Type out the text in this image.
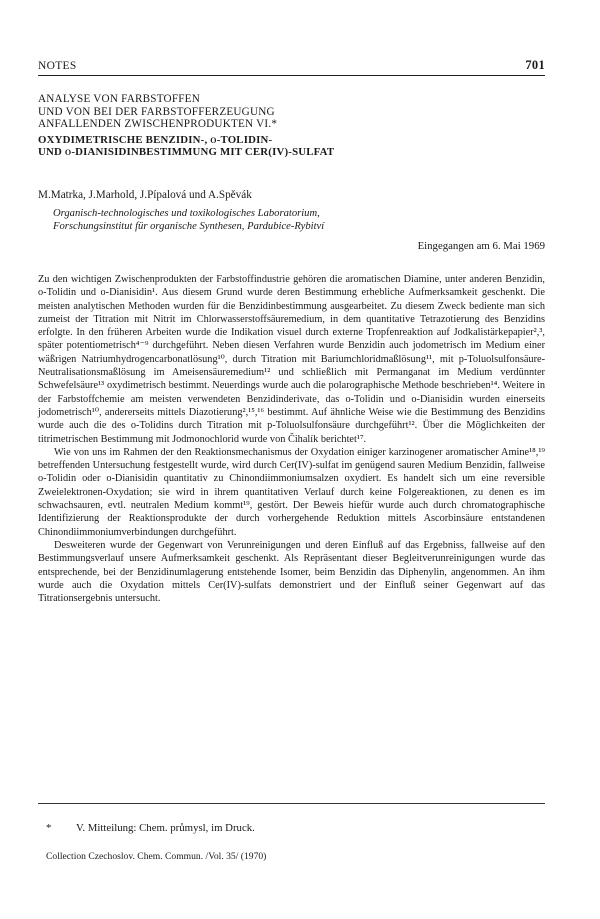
NOTES	701
ANALYSE VON FARBSTOFFEN
UND VON BEI DER FARBSTOFFERZEUGUNG
ANFALLENDEN ZWISCHENPRODUKTEN VI.*
OXYDIMETRISCHE BENZIDIN-, o-TOLIDIN-
UND o-DIANISIDINBESTIMMUNG MIT CER(IV)-SULFAT
M.Matrka, J.Marhold, J.Pípalová und A.Spěvák
Organisch-technologisches und toxikologisches Laboratorium,
Forschungsinstitut für organische Synthesen, Pardubice-Rybitví
Eingegangen am 6. Mai 1969

Zu den wichtigen Zwischenprodukten der Farbstoffindustrie gehören die aromatischen Diamine, unter anderen Benzidin, o-Tolidin und o-Dianisidin¹. Aus diesem Grund wurde deren Bestimmung erhebliche Aufmerksamkeit geschenkt. Die meisten analytischen Methoden wurden für die Benzidinbestimmung ausgearbeitet. Zu diesem Zweck bediente man sich zumeist der Titration mit Nitrit im Chlorwasserstoffsäuremedium, in dem quantitative Tetrazotierung des Benzidins erfolgte. In den früheren Arbeiten wurde die Indikation visuel durch externe Tropfenreaktion auf Jodkalistärkepapier²,³, später potentiometrisch⁴⁻⁹ durchgeführt. Neben diesen Verfahren wurde Benzidin auch jodometrisch im Medium einer wäßrigen Natriumhydrogencarbonatlösung¹⁰, durch Titration mit Bariumchloridmaßlösung¹¹, mit p-Toluolsulfonsäure-Neutralisationsmaßlösung im Ameisensäuremedium¹² und schließlich mit Permanganat im Medium verdünnter Schwefelsäure¹³ oxydimetrisch bestimmt. Neuerdings wurde auch die polarographische Methode beschrieben¹⁴. Weitere in der Farbstoffchemie am meisten verwendeten Benzidinderivate, das o-Tolidin und o-Dianisidin wurden einerseits jodometrisch¹⁰, andererseits mittels Diazotierung²,¹⁵,¹⁶ bestimmt. Auf ähnliche Weise wie die Bestimmung des Benzidins wurde auch die des o-Tolidins durch Titration mit p-Toluolsulfonsäure durchgeführt¹². Über die Möglichkeiten der titrimetrischen Bestimmung mit Jodmonochlorid wurde von Čihalík berichtet¹⁷.

Wie von uns im Rahmen der den Reaktionsmechanismus der Oxydation einiger karzinogener aromatischer Amine¹⁸,¹⁹ betreffenden Untersuchung festgestellt wurde, wird durch Cer(IV)-sulfat im genügend sauren Medium Benzidin, fallweise o-Tolidin oder o-Dianisidin quantitativ zu Chinondiimmoniumsalzen oxydiert. Es handelt sich um eine reversible Zweielektronen-Oxydation; sie wird in ihrem quantitativen Verlauf durch keine Folgereaktionen, zu denen es im schwachsauren, evtl. neutralen Medium kommt¹⁹, gestört. Der Beweis hiefür wurde auch durch chromatographische Identifizierung der Reaktionsprodukte der durch vorhergehende Reduktion mittels Ascorbinsäure entstandenen Chinondiimmoniumverbindungen durchgeführt.

Desweiteren wurde der Gegenwart von Verunreinigungen und deren Einfluß auf das Ergebniss, fallweise auf den Bestimmungsverlauf unsere Aufmerksamkeit geschenkt. Als Repräsentant dieser Begleitverunreinigungen wurde das entsprechende, bei der Benzidinumlagerung entstehende Isomer, beim Benzidin das Diphenylin, angenommen. An ihm wurde auch die Oxydation mittels Cer(IV)-sulfats demonstriert und der Einfluß seiner Gegenwart auf das Titrationsergebnis untersucht.

* V. Mitteilung: Chem. průmysl, im Druck.
Collection Czechoslov. Chem. Commun. /Vol. 35/ (1970)
